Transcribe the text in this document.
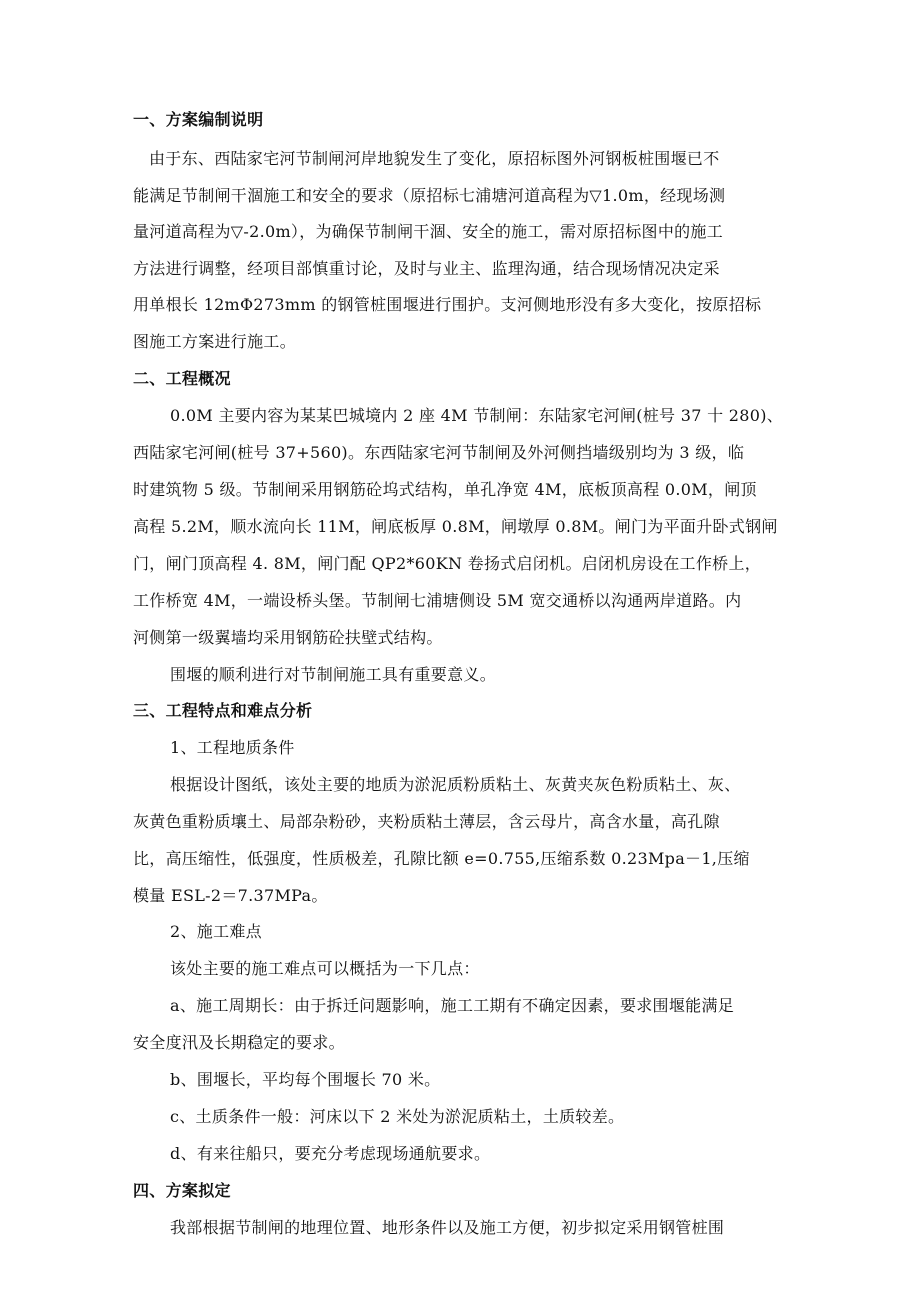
一、方案编制说明
由于东、西陆家宅河节制闸河岸地貌发生了变化，原招标图外河钢板桩围堰已不
能满足节制闸干涸施工和安全的要求（原招标七浦塘河道高程为▽1.0m，经现场测
量河道高程为▽-2.0m），为确保节制闸干涸、安全的施工，需对原招标图中的施工
方法进行调整，经项目部慎重讨论，及时与业主、监理沟通，结合现场情况决定采
用单根长 12mΦ273mm 的钢管桩围堰进行围护。支河侧地形没有多大变化，按原招标
图施工方案进行施工。
二、工程概况
0.0M 主要内容为某某巴城境内 2 座 4M 节制闸：东陆家宅河闸(桩号 37 十 280)、
西陆家宅河闸(桩号 37+560)。东西陆家宅河节制闸及外河侧挡墙级别均为 3 级，临
时建筑物 5 级。节制闸采用钢筋砼坞式结构，单孔净宽 4M，底板顶高程 0.0M，闸顶
高程 5.2M，顺水流向长 11M，闸底板厚 0.8M，闸墩厚 0.8M。闸门为平面升卧式钢闸
门，闸门顶高程 4. 8M，闸门配 QP2*60KN 卷扬式启闭机。启闭机房设在工作桥上，
工作桥宽 4M，一端设桥头堡。节制闸七浦塘侧设 5M 宽交通桥以沟通两岸道路。内
河侧第一级翼墙均采用钢筋砼扶壁式结构。
围堰的顺利进行对节制闸施工具有重要意义。
三、工程特点和难点分析
1、工程地质条件
根据设计图纸，该处主要的地质为淤泥质粉质粘土、灰黄夹灰色粉质粘土、灰、
灰黄色重粉质壤土、局部杂粉砂，夹粉质粘土薄层，含云母片，高含水量，高孔隙
比，高压缩性，低强度，性质极差，孔隙比额 e=0.755,压缩系数 0.23Mpa－1,压缩
模量 ESL-2＝7.37MPa。
2、施工难点
该处主要的施工难点可以概括为一下几点：
a、施工周期长：由于拆迁问题影响，施工工期有不确定因素，要求围堰能满足
安全度汛及长期稳定的要求。
b、围堰长，平均每个围堰长 70 米。
c、土质条件一般：河床以下 2 米处为淤泥质粘土，土质较差。
d、有来往船只，要充分考虑现场通航要求。
四、方案拟定
我部根据节制闸的地理位置、地形条件以及施工方便，初步拟定采用钢管桩围
